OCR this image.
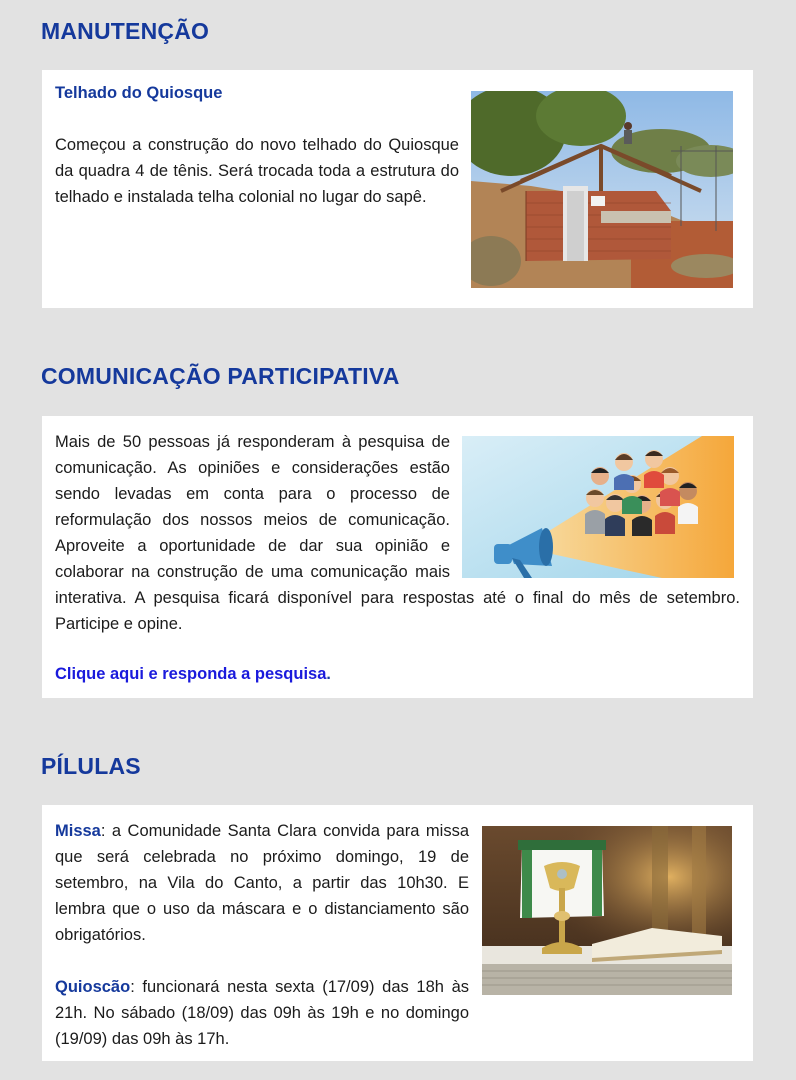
MANUTENÇÃO
Telhado do Quiosque

Começou a construção do novo telhado do Quiosque da quadra 4 de tênis. Será trocada toda a estrutura do telhado e instalada telha colonial no lugar do sapê.

COMUNICAÇÃO PARTICIPATIVA

Mais de 50 pessoas já responderam à pesquisa de comunicação. As opiniões e considerações estão sendo levadas em conta para o processo de reformulação dos nossos meios de comunicação. Aproveite a oportunidade de dar sua opinião e colaborar na construção de uma comunicação mais interativa. A pesquisa ficará disponível para respostas até o final do mês de setembro. Participe e opine.

Clique aqui e responda a pesquisa.
PÍLULAS

Missa: a Comunidade Santa Clara convida para missa que será celebrada no próximo domingo, 19 de setembro, na Vila do Canto, a partir das 10h30. E lembra que o uso da máscara e o distanciamento são obrigatórios.

Quioscão: funcionará nesta sexta (17/09) das 18h às 21h. No sábado (18/09) das 09h às 19h e no domingo (19/09) das 09h às 17h.
